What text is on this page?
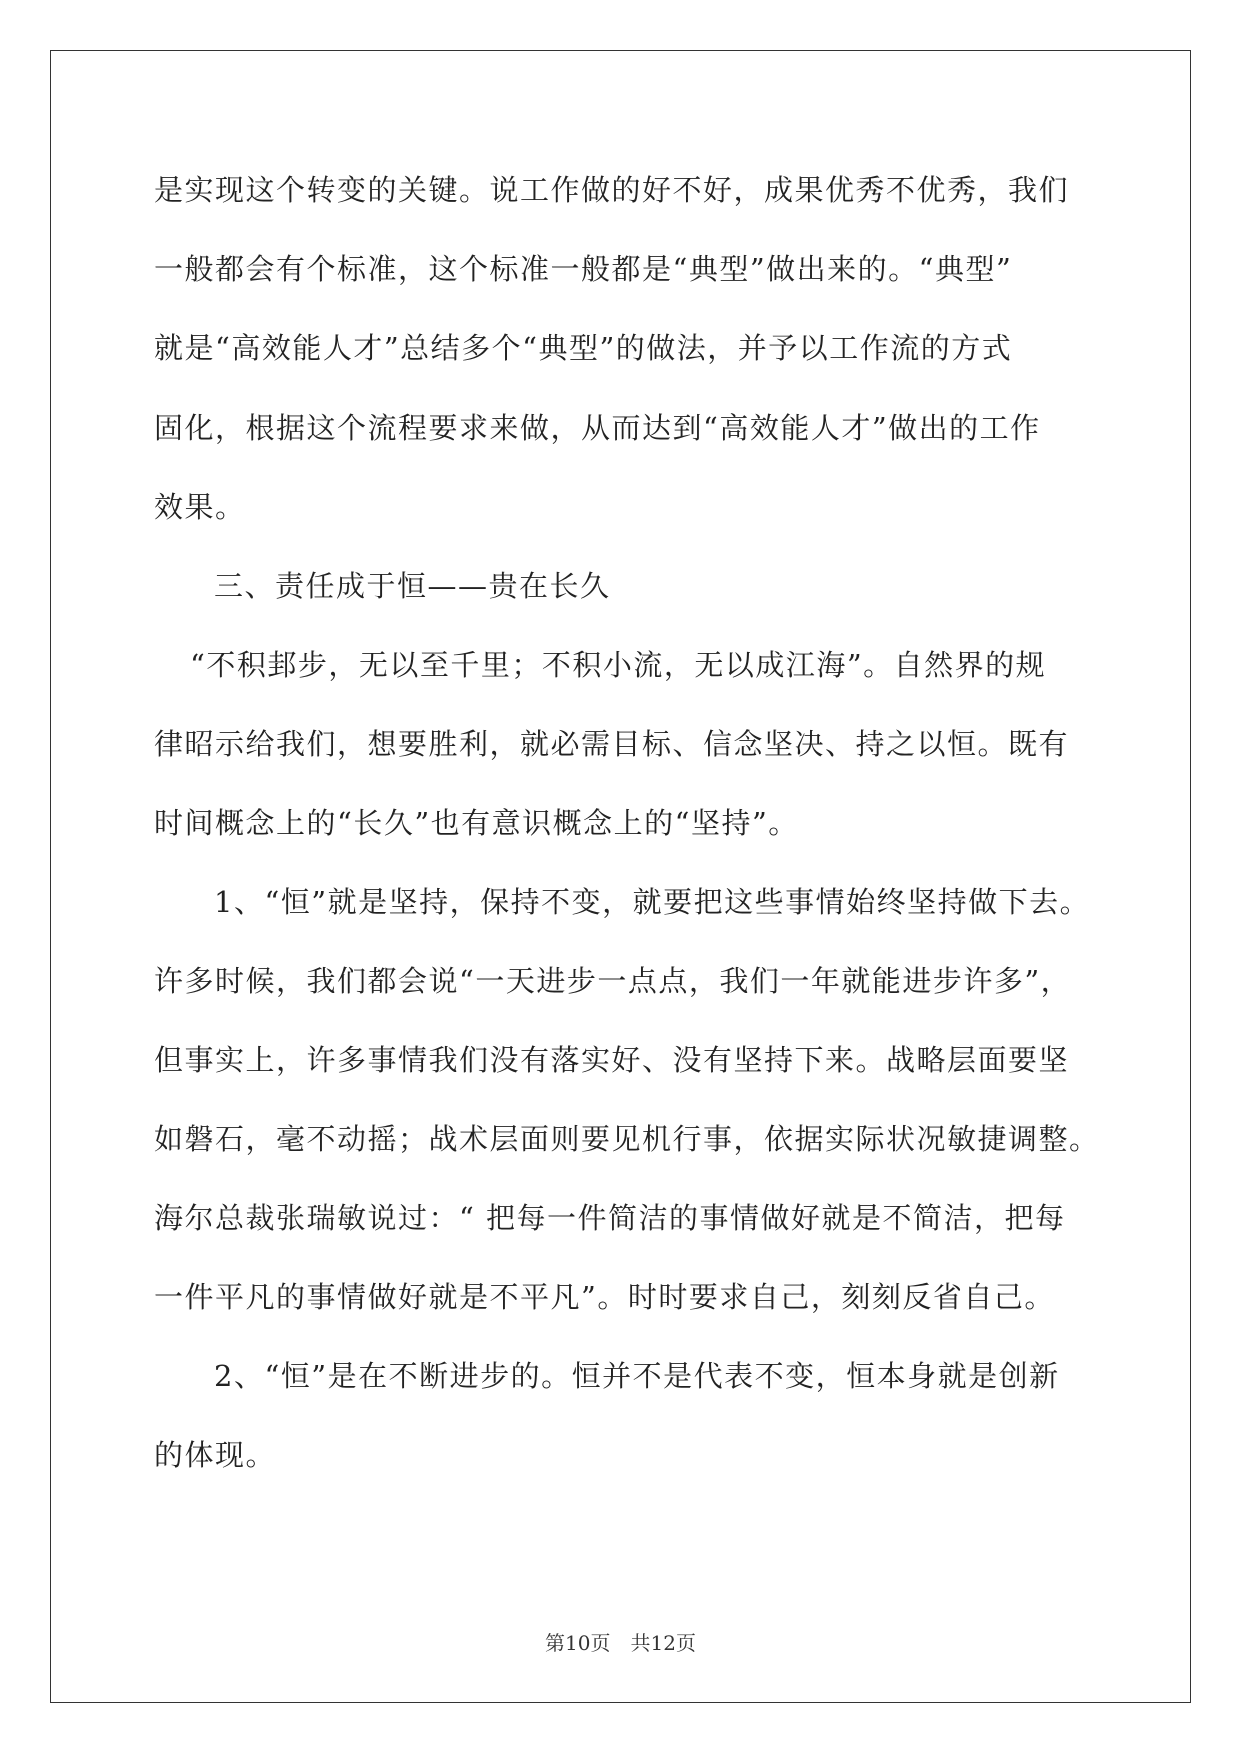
是实现这个转变的关键。说工作做的好不好，成果优秀不优秀，我们
一般都会有个标准，这个标准一般都是“典型”做出来的。“典型”
就是“高效能人才”总结多个“典型”的做法，并予以工作流的方式
固化，根据这个流程要求来做，从而达到“高效能人才”做出的工作
效果。
三、责任成于恒——贵在长久
“不积邽步，无以至千里；不积小流，无以成江海”。自然界的规
律昭示给我们，想要胜利，就必需目标、信念坚决、持之以恒。既有
时间概念上的“长久”也有意识概念上的“坚持”。
1、“恒”就是坚持，保持不变，就要把这些事情始终坚持做下去。
许多时候，我们都会说“一天进步一点点，我们一年就能进步许多”，
但事实上，许多事情我们没有落实好、没有坚持下来。战略层面要坚
如磐石，毫不动摇；战术层面则要见机行事，依据实际状况敏捷调整。
海尔总裁张瑞敏说过：“ 把每一件简洁的事情做好就是不简洁，把每
一件平凡的事情做好就是不平凡”。时时要求自己，刻刻反省自己。
2、“恒”是在不断进步的。恒并不是代表不变，恒本身就是创新
的体现。
第10页　共12页
